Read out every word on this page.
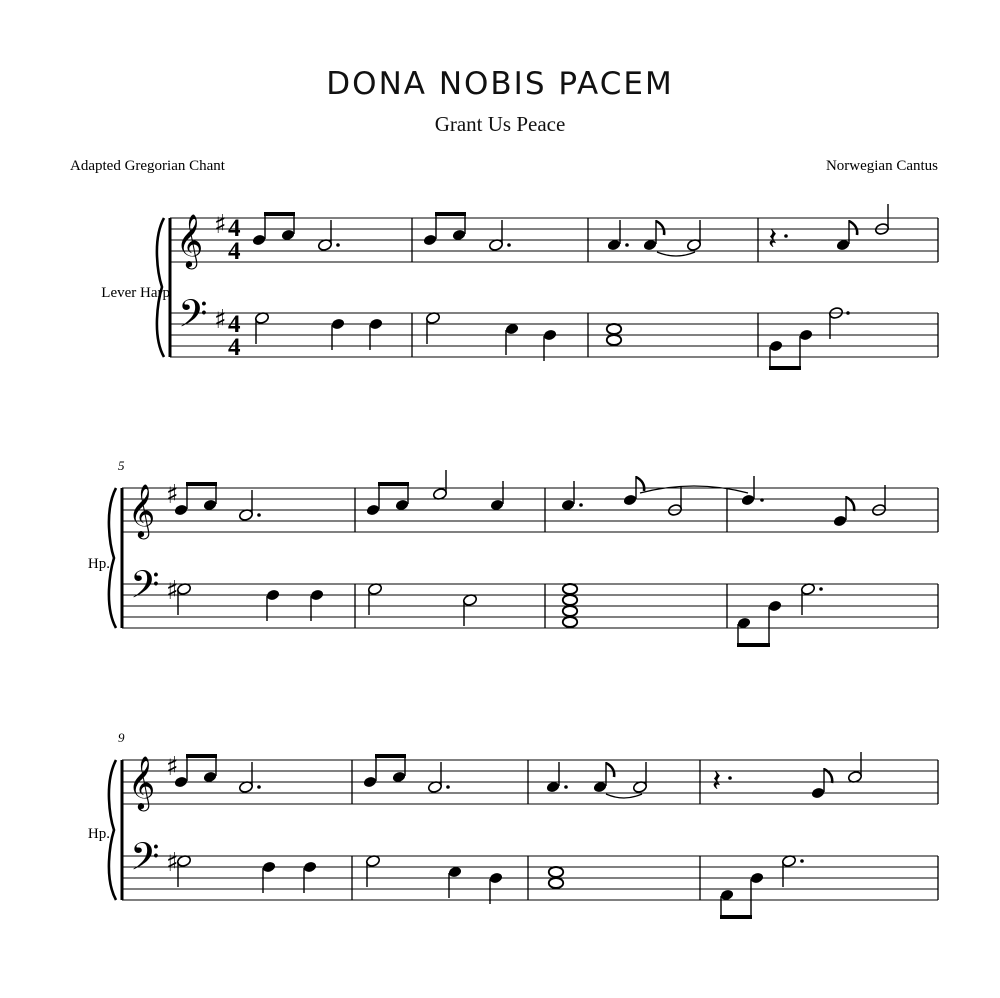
DONA NOBIS PACEM
Grant Us Peace
Adapted Gregorian Chant	Norwegian Cantus
Lever Harp
Hp.
Hp.
5
9
𝄞
𝄢
♯
♯
4
4
4
4
𝄽
𝄞
𝄢
♯
♯
𝄞
𝄢
♯
♯
𝄽
